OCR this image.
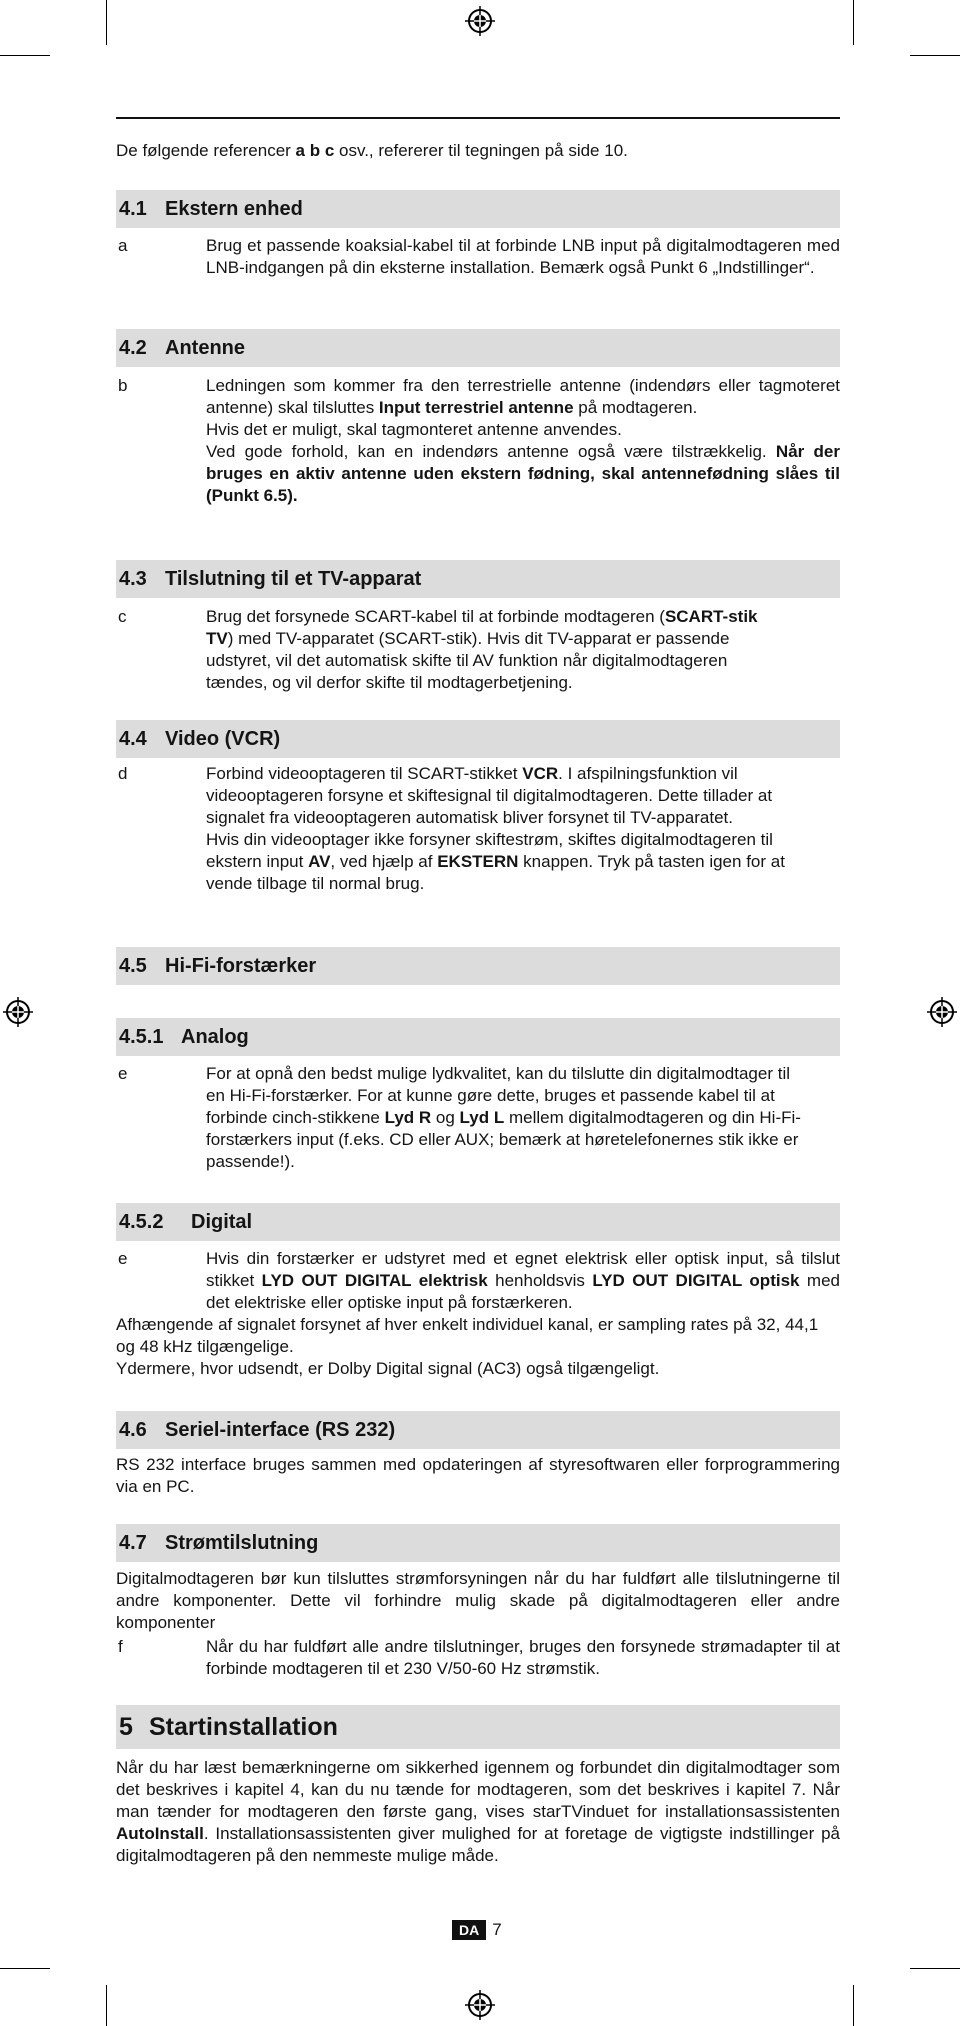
De følgende referencer a b c osv., refererer til tegningen på side 10.
4.1 Ekstern enhed
a	Brug et passende koaksial-kabel til at forbinde LNB input på digitalmodtageren med LNB-indgangen på din eksterne installation. Bemærk også Punkt 6 „Indstillinger“.
4.2 Antenne
b	Ledningen som kommer fra den terrestrielle antenne (indendørs eller tagmoteret antenne) skal tilsluttes Input terrestriel antenne på modtageren.
Hvis det er muligt, skal tagmonteret antenne anvendes.
Ved gode forhold, kan en indendørs antenne også være tilstrækkelig. Når der bruges en aktiv antenne uden ekstern fødning, skal antennefødning slåes til (Punkt 6.5).
4.3 Tilslutning til et TV-apparat
c	Brug det forsynede SCART-kabel til at forbinde modtageren (SCART-stik TV) med TV-apparatet (SCART-stik). Hvis dit TV-apparat er passende udstyret, vil det automatisk skifte til AV funktion når digitalmodtageren tændes, og vil derfor skifte til modtagerbetjening.
4.4 Video (VCR)
d	Forbind videooptageren til SCART-stikket VCR. I afspilningsfunktion vil videooptageren forsyne et skiftesignal til digitalmodtageren. Dette tillader at signalet fra videooptageren automatisk bliver forsynet til TV-apparatet.
Hvis din videooptager ikke forsyner skiftestrøm, skiftes digitalmodtageren til ekstern input AV, ved hjælp af EKSTERN knappen. Tryk på tasten igen for at vende tilbage til normal brug.
4.5 Hi-Fi-forstærker
4.5.1 Analog
e	For at opnå den bedst mulige lydkvalitet, kan du tilslutte din digitalmodtager til en Hi-Fi-forstærker. For at kunne gøre dette, bruges et passende kabel til at forbinde cinch-stikkene Lyd R og Lyd L mellem digitalmodtageren og din Hi-Fi-forstærkers input (f.eks. CD eller AUX; bemærk at høretelefonernes stik ikke er passende!).
4.5.2 Digital
e	Hvis din forstærker er udstyret med et egnet elektrisk eller optisk input, så tilslut stikket LYD OUT DIGITAL elektrisk henholdsvis LYD OUT DIGITAL optisk med det elektriske eller optiske input på forstærkeren.
Afhængende af signalet forsynet af hver enkelt individuel kanal, er sampling rates på 32, 44,1 og 48 kHz tilgængelige.
Ydermere, hvor udsendt, er Dolby Digital signal (AC3) også tilgængeligt.
4.6 Seriel-interface (RS 232)
RS 232 interface bruges sammen med opdateringen af styresoftwaren eller forprogrammering via en PC.
4.7 Strømtilslutning
Digitalmodtageren bør kun tilsluttes strømforsyningen når du har fuldført alle tilslutningerne til andre komponenter. Dette vil forhindre mulig skade på digitalmodtageren eller andre komponenter
f	Når du har fuldført alle andre tilslutninger, bruges den forsynede strømadapter til at forbinde modtageren til et 230 V/50-60 Hz strømstik.
5 Startinstallation
Når du har læst bemærkningerne om sikkerhed igennem og forbundet din digitalmodtager som det beskrives i kapitel 4, kan du nu tænde for modtageren, som det beskrives i kapitel 7. Når man tænder for modtageren den første gang, vises starTVinduet for installationsassistenten AutoInstall. Installationsassistenten giver mulighed for at foretage de vigtigste indstillinger på digitalmodtageren på den nemmeste mulige måde.
DA 7
